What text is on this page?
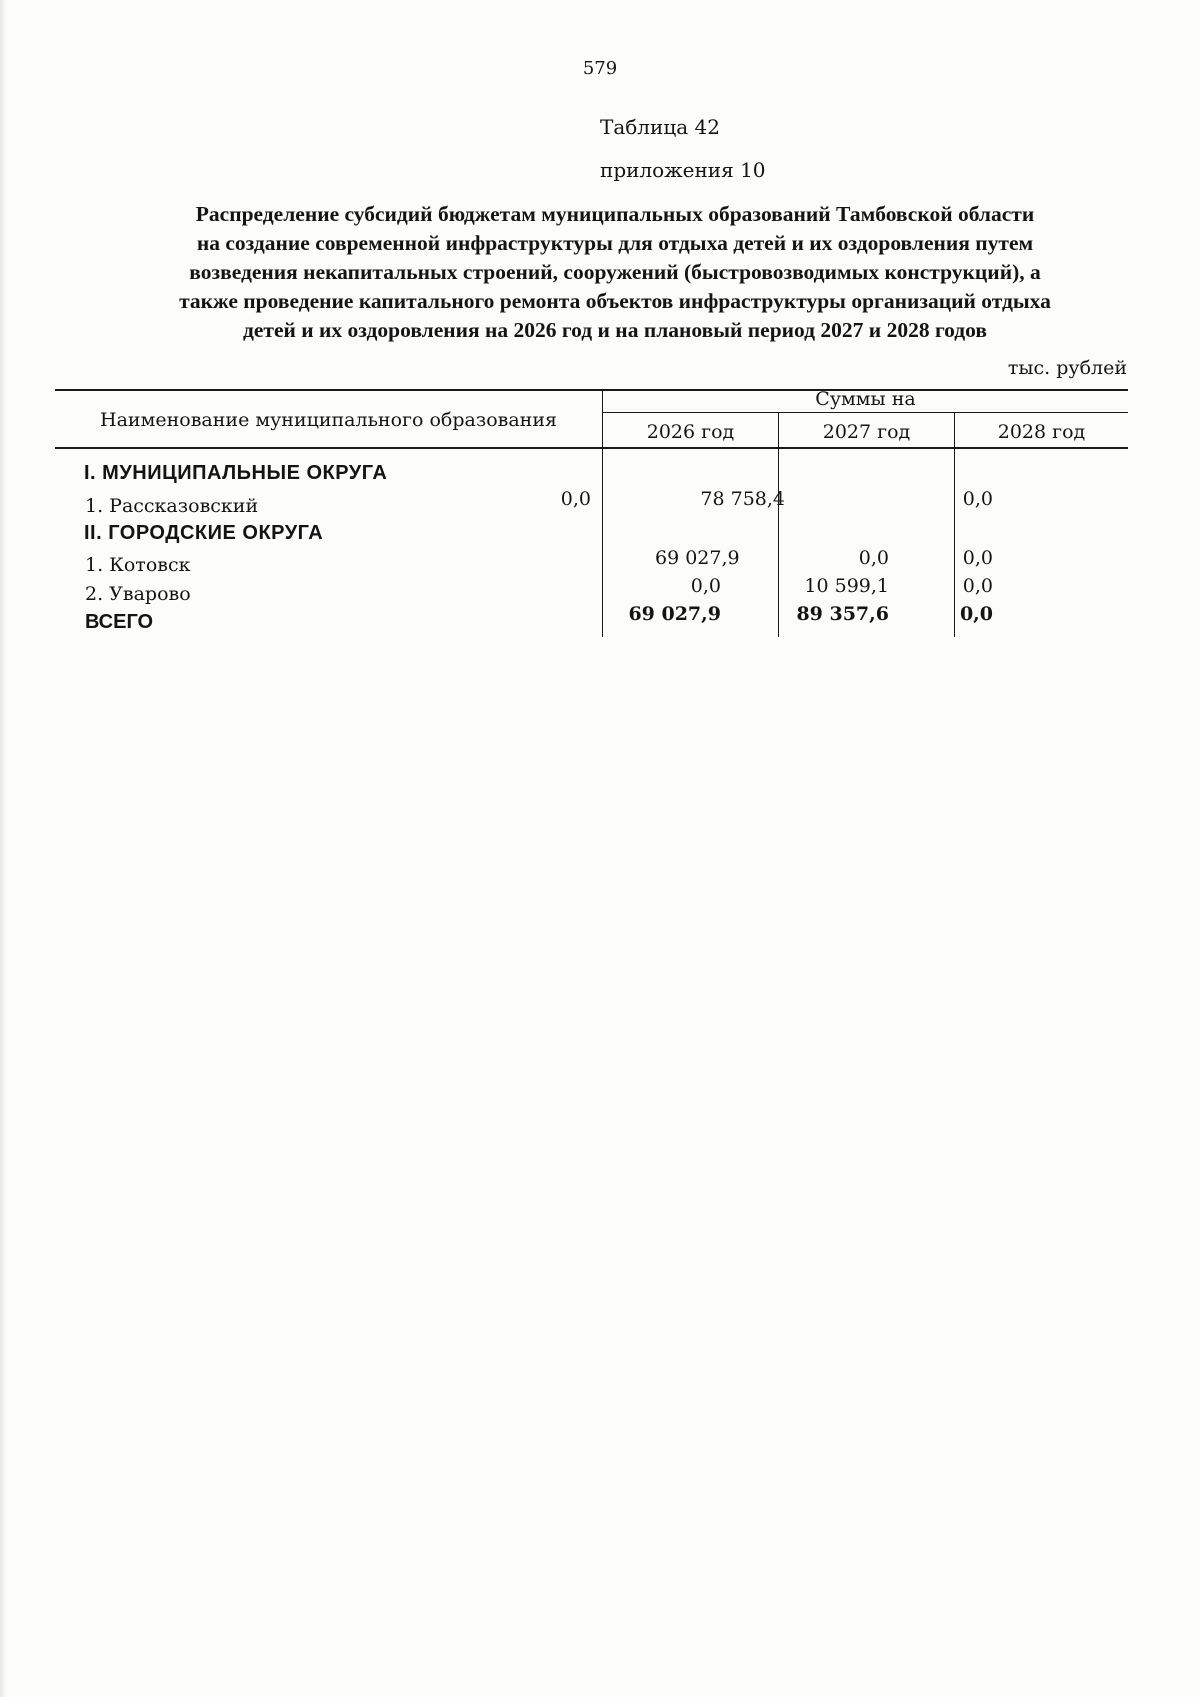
579
Таблица 42
приложения 10
Распределение субсидий бюджетам муниципальных образований Тамбовской области
на создание современной инфраструктуры для отдыха детей и их оздоровления путем
возведения некапитальных строений, сооружений (быстровозводимых конструкций), а
также проведение капитального ремонта объектов инфраструктуры организаций отдыха
детей и их оздоровления на 2026 год и на плановый период 2027 и 2028 годов
тыс. рублей
Наименование муниципального образования
Суммы на
2026 год	2027 год	2028 год
I. МУНИЦИПАЛЬНЫЕ ОКРУГА
1. Рассказовский	0,0	78 758,4	0,0
II. ГОРОДСКИЕ ОКРУГА
1. Котовск	69 027,9	0,0	0,0
2. Уварово	0,0	10 599,1	0,0
ВСЕГО	69 027,9	89 357,6	0,0
